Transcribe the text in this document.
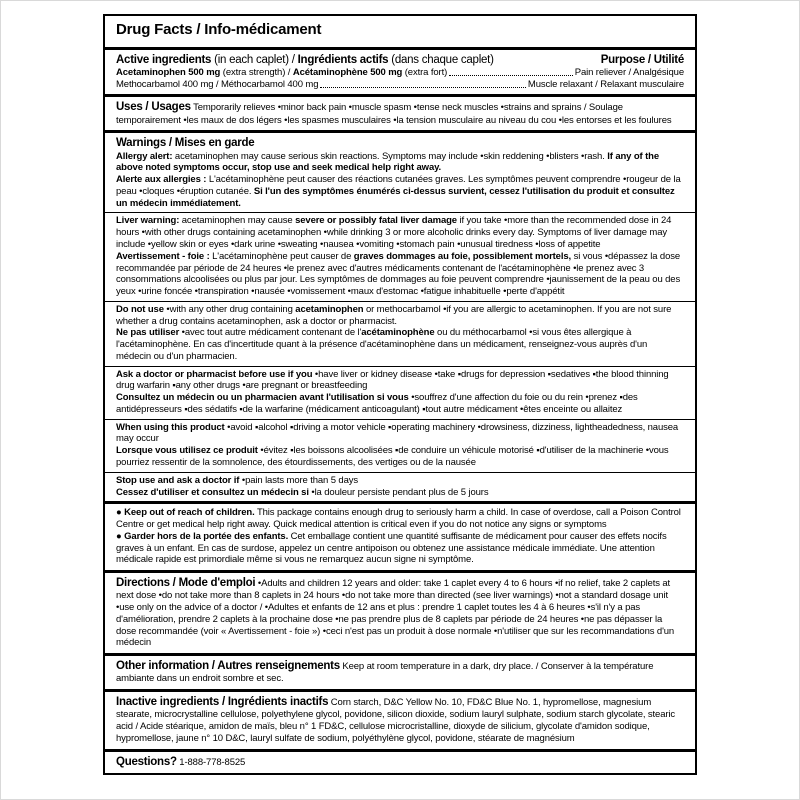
Drug Facts / Info-médicament
Active ingredients (in each caplet) / Ingrédients actifs (dans chaque caplet)	Purpose / Utilité
Acetaminophen 500 mg (extra strength) / Acétaminophène 500 mg (extra fort)	Pain reliever / Analgésique
Methocarbamol 400 mg / Méthocarbamol 400 mg	Muscle relaxant / Relaxant musculaire

Uses / Usages Temporarily relieves •minor back pain •muscle spasm •tense neck muscles •strains and sprains / Soulage temporairement •les maux de dos légers •les spasmes musculaires •la tension musculaire au niveau du cou •les entorses et les foulures

Warnings / Mises en garde

Allergy alert: acetaminophen may cause serious skin reactions. Symptoms may include •skin reddening •blisters •rash. If any of the above noted symptoms occur, stop use and seek medical help right away.

Alerte aux allergies : L'acétaminophène peut causer des réactions cutanées graves. Les symptômes peuvent comprendre •rougeur de la peau •cloques •éruption cutanée. Si l'un des symptômes énumérés ci-dessus survient, cessez l'utilisation du produit et consultez un médecin immédiatement.

Liver warning: acetaminophen may cause severe or possibly fatal liver damage if you take •more than the recommended dose in 24 hours •with other drugs containing acetaminophen •while drinking 3 or more alcoholic drinks every day. Symptoms of liver damage may include •yellow skin or eyes •dark urine •sweating •nausea •vomiting •stomach pain •unusual tiredness •loss of appetite

Avertissement - foie : L'acétaminophène peut causer de graves dommages au foie, possiblement mortels, si vous •dépassez la dose recommandée par période de 24 heures •le prenez avec d'autres médicaments contenant de l'acétaminophène •le prenez avec 3 consommations alcoolisées ou plus par jour. Les symptômes de dommages au foie peuvent comprendre •jaunissement de la peau ou des yeux •urine foncée •transpiration •nausée •vomissement •maux d'estomac •fatigue inhabituelle •perte d'appétit

Do not use •with any other drug containing acetaminophen or methocarbamol •if you are allergic to acetaminophen. If you are not sure whether a drug contains acetaminophen, ask a doctor or pharmacist.

Ne pas utiliser •avec tout autre médicament contenant de l'acétaminophène ou du méthocarbamol •si vous êtes allergique à l'acétaminophène. En cas d'incertitude quant à la présence d'acétaminophène dans un médicament, renseignez-vous auprès d'un médecin ou d'un pharmacien.

Ask a doctor or pharmacist before use if you •have liver or kidney disease •take ▪drugs for depression ▪sedatives ▪the blood thinning drug warfarin ▪any other drugs •are pregnant or breastfeeding

Consultez un médecin ou un pharmacien avant l'utilisation si vous •souffrez d'une affection du foie ou du rein •prenez ▪des antidépresseurs ▪des sédatifs ▪de la warfarine (médicament anticoagulant) ▪tout autre médicament •êtes enceinte ou allaitez

When using this product •avoid ▪alcohol ▪driving a motor vehicle ▪operating machinery •drowsiness, dizziness, lightheadedness, nausea may occur

Lorsque vous utilisez ce produit •évitez ▪les boissons alcoolisées ▪de conduire un véhicule motorisé ▪d'utiliser de la machinerie •vous pourriez ressentir de la somnolence, des étourdissements, des vertiges ou de la nausée

Stop use and ask a doctor if •pain lasts more than 5 days

Cessez d'utiliser et consultez un médecin si •la douleur persiste pendant plus de 5 jours

● Keep out of reach of children. This package contains enough drug to seriously harm a child. In case of overdose, call a Poison Control Centre or get medical help right away. Quick medical attention is critical even if you do not notice any signs or symptoms

● Garder hors de la portée des enfants. Cet emballage contient une quantité suffisante de médicament pour causer des effets nocifs graves à un enfant. En cas de surdose, appelez un centre antipoison ou obtenez une assistance médicale immédiate. Une attention médicale rapide est primordiale même si vous ne remarquez aucun signe ni symptôme.

Directions / Mode d'emploi •Adults and children 12 years and older: take 1 caplet every 4 to 6 hours •if no relief, take 2 caplets at next dose •do not take more than 8 caplets in 24 hours •do not take more than directed (see liver warnings) •not a standard dosage unit •use only on the advice of a doctor / •Adultes et enfants de 12 ans et plus : prendre 1 caplet toutes les 4 à 6 heures •s'il n'y a pas d'amélioration, prendre 2 caplets à la prochaine dose •ne pas prendre plus de 8 caplets par période de 24 heures •ne pas dépasser la dose recommandée (voir « Avertissement - foie ») •ceci n'est pas un produit à dose normale •n'utiliser que sur les recommandations d'un médecin

Other information / Autres renseignements Keep at room temperature in a dark, dry place. / Conserver à la température ambiante dans un endroit sombre et sec.

Inactive ingredients / Ingrédients inactifs Corn starch, D&C Yellow No. 10, FD&C Blue No. 1, hypromellose, magnesium stearate, microcrystalline cellulose, polyethylene glycol, povidone, silicon dioxide, sodium lauryl sulphate, sodium starch glycolate, stearic acid / Acide stéarique, amidon de maïs, bleu n° 1 FD&C, cellulose microcristalline, dioxyde de silicium, glycolate d'amidon sodique, hypromellose, jaune n° 10 D&C, lauryl sulfate de sodium, polyéthylène glycol, povidone, stéarate de magnésium

Questions? 1-888-778-8525
